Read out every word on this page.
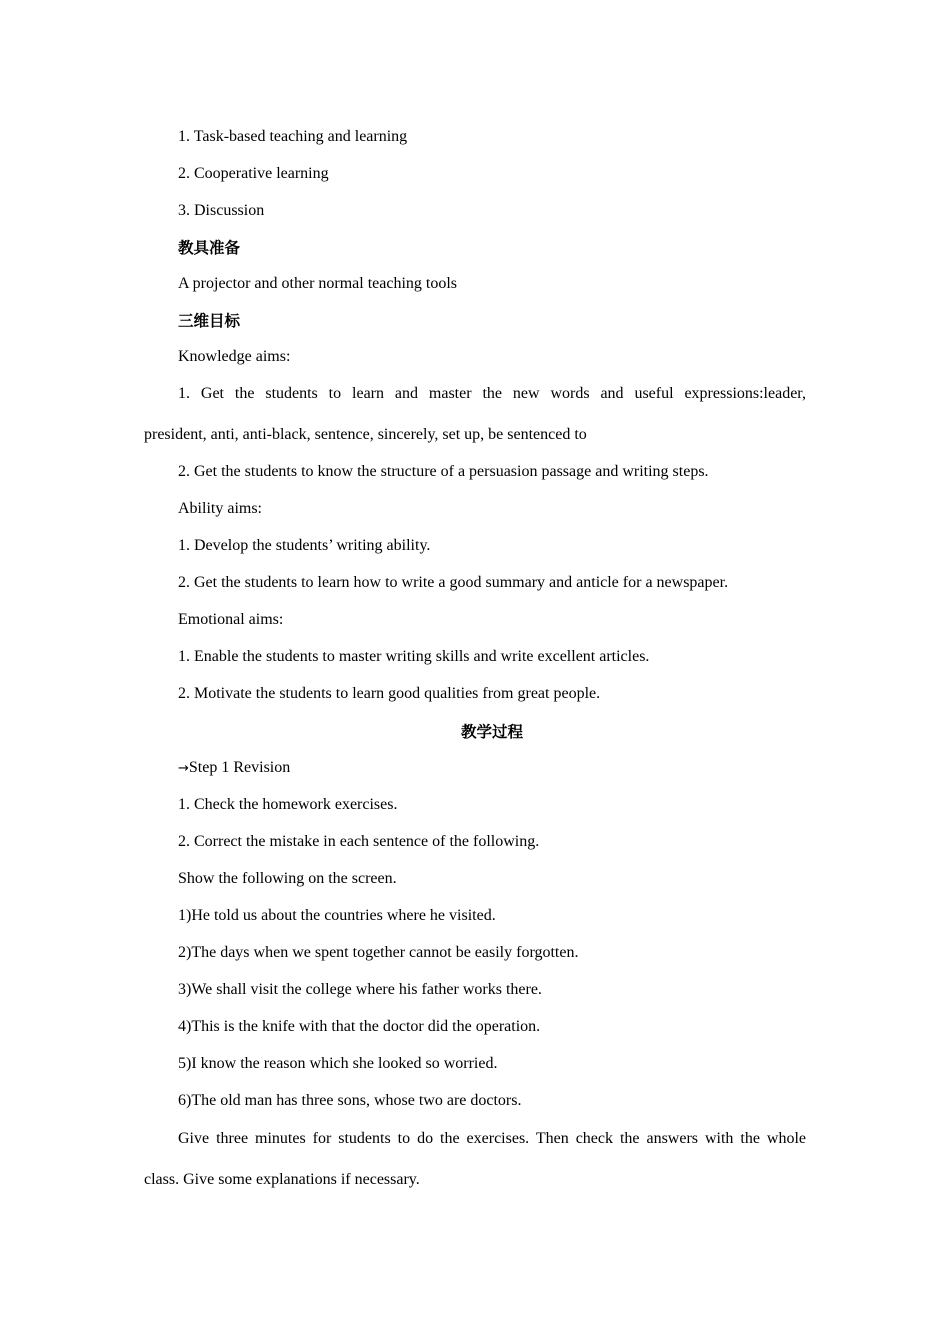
1. Task-based teaching and learning
2. Cooperative learning
3. Discussion
教具准备
A projector and other normal teaching tools
三维目标
Knowledge aims:
1. Get the students to learn and master the new words and useful expressions:leader,
president, anti, anti-black, sentence, sincerely, set up, be sentenced to
2. Get the students to know the structure of a persuasion passage and writing steps.
Ability aims:
1. Develop the students’ writing ability.
2. Get the students to learn how to write a good summary and anticle for a newspaper.
Emotional aims:
1. Enable the students to master writing skills and write excellent articles.
2. Motivate the students to learn good qualities from great people.
教学过程
→Step 1 Revision
1. Check the homework exercises.
2. Correct the mistake in each sentence of the following.
Show the following on the screen.
1)He told us about the countries where he visited.
2)The days when we spent together cannot be easily forgotten.
3)We shall visit the college where his father works there.
4)This is the knife with that the doctor did the operation.
5)I know the reason which she looked so worried.
6)The old man has three sons, whose two are doctors.
Give three minutes for students to do the exercises. Then check the answers with the whole
class. Give some explanations if necessary.
